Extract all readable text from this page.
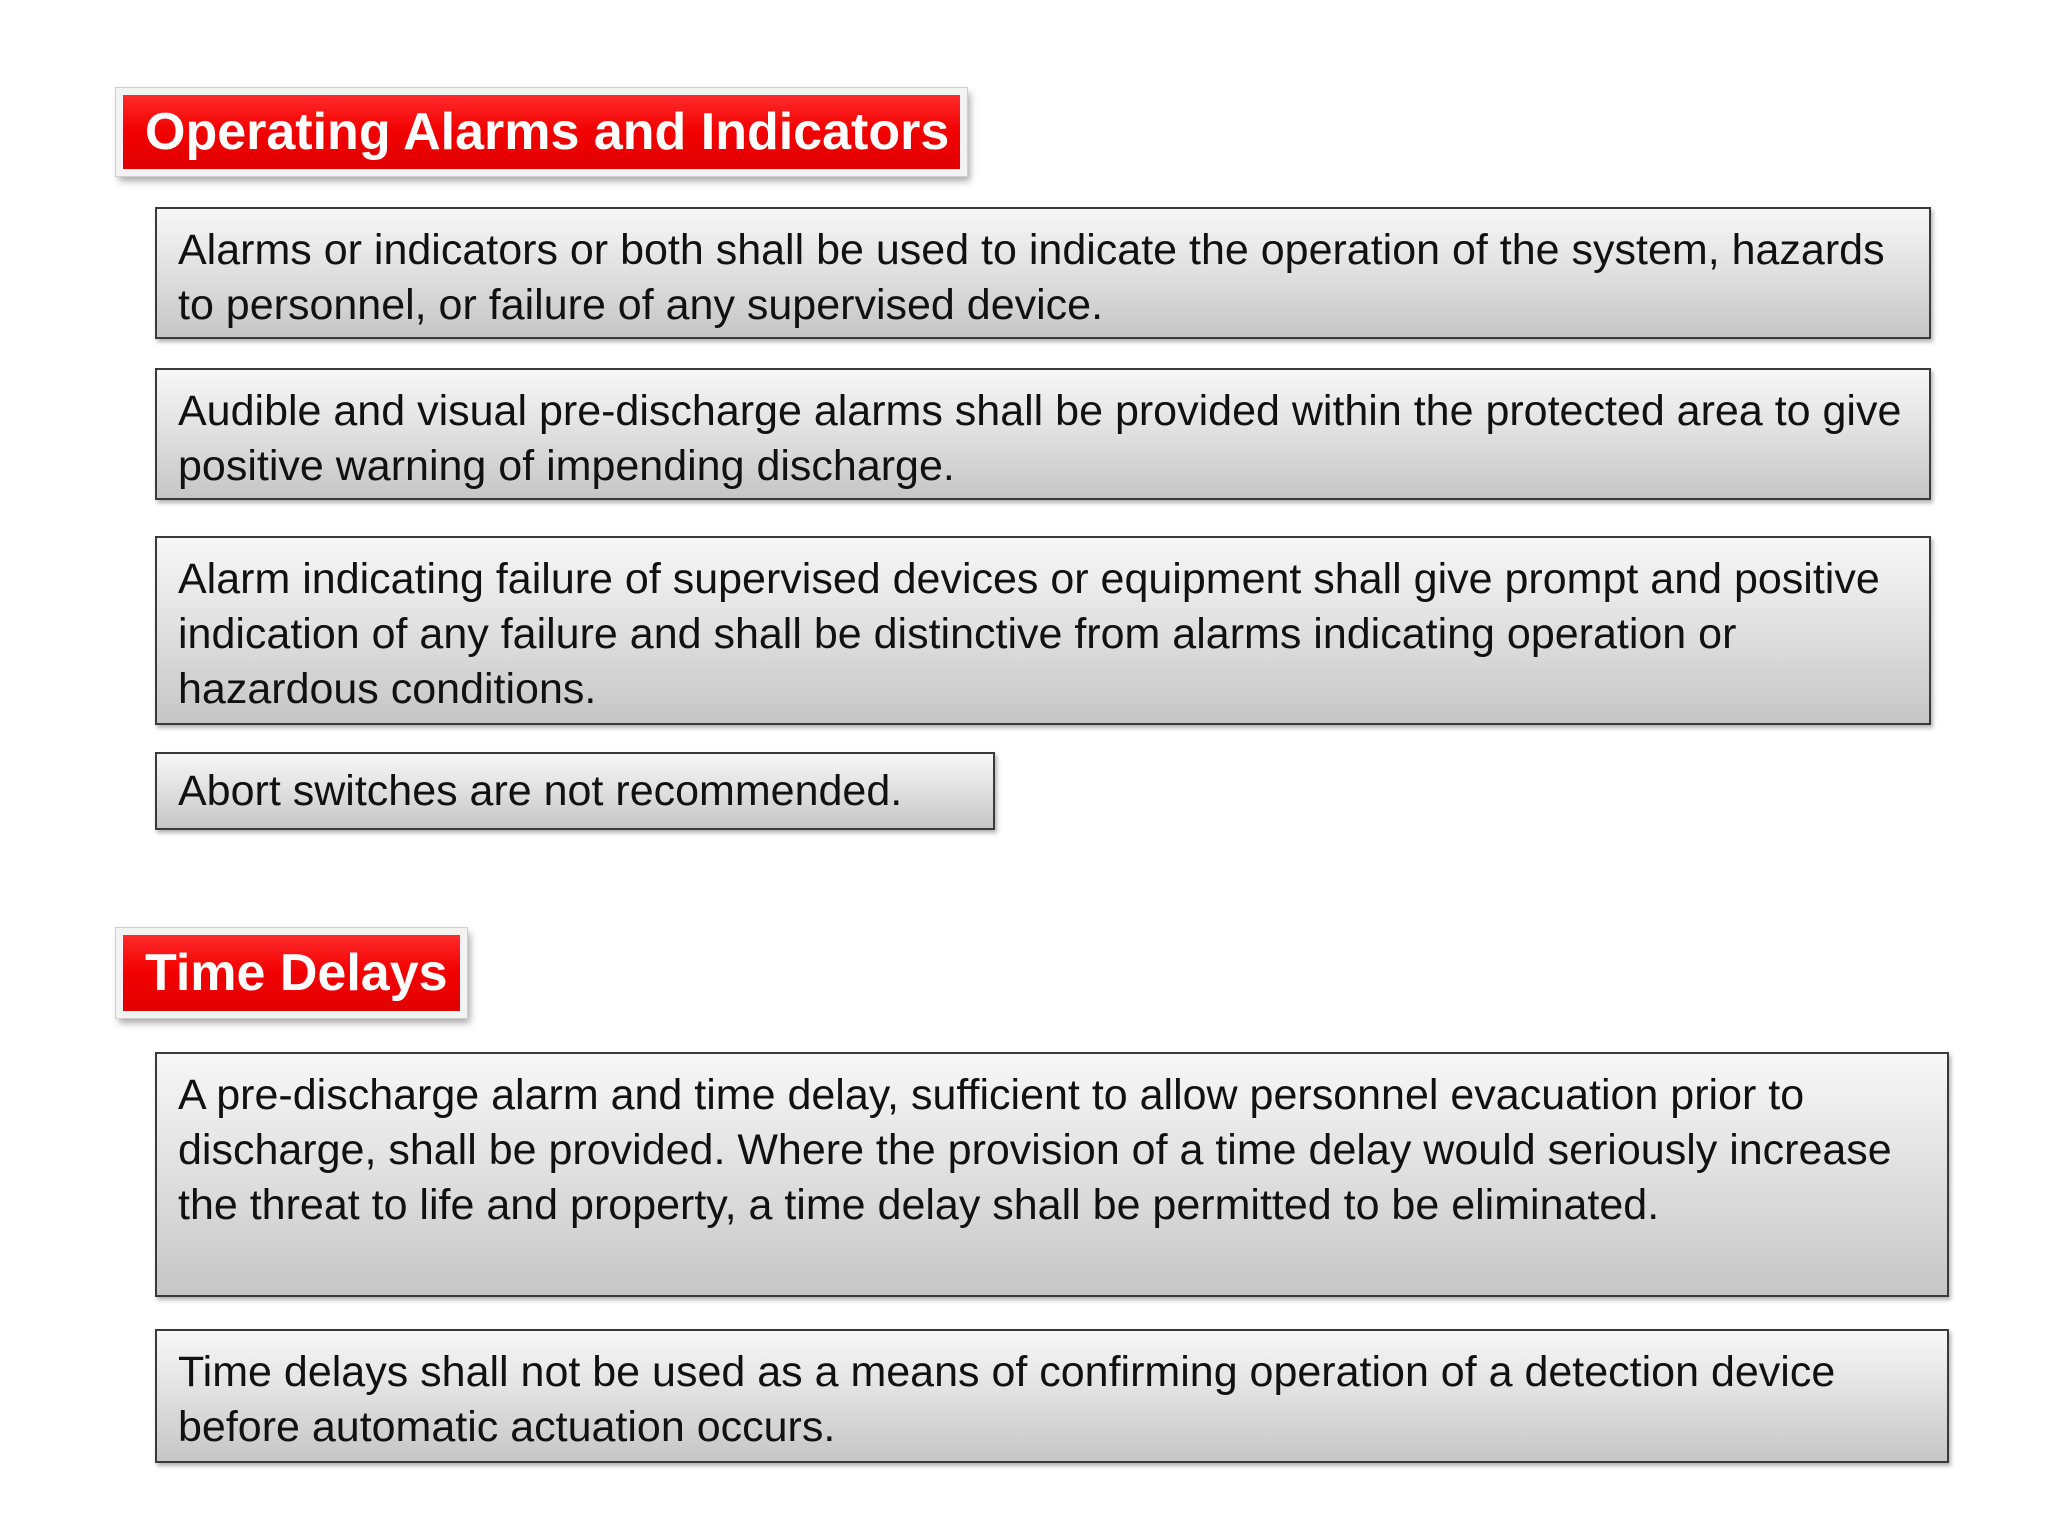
Operating Alarms and Indicators
Alarms or indicators or both shall be used to indicate the operation of the system, hazards to personnel, or failure of any supervised device.
Audible and visual pre-discharge alarms shall be provided within the protected area to give positive warning of impending discharge.
Alarm indicating failure of supervised devices or equipment shall give prompt and positive indication of any failure and shall be distinctive from alarms indicating operation or hazardous conditions.
Abort switches are not recommended.
Time Delays
A pre-discharge alarm and time delay, sufficient to allow personnel evacuation prior to discharge, shall be provided. Where the provision of a time delay would seriously increase the threat to life and property, a time delay shall be permitted to be eliminated.
Time delays shall not be used as a means of confirming operation of a detection device before automatic actuation occurs.
